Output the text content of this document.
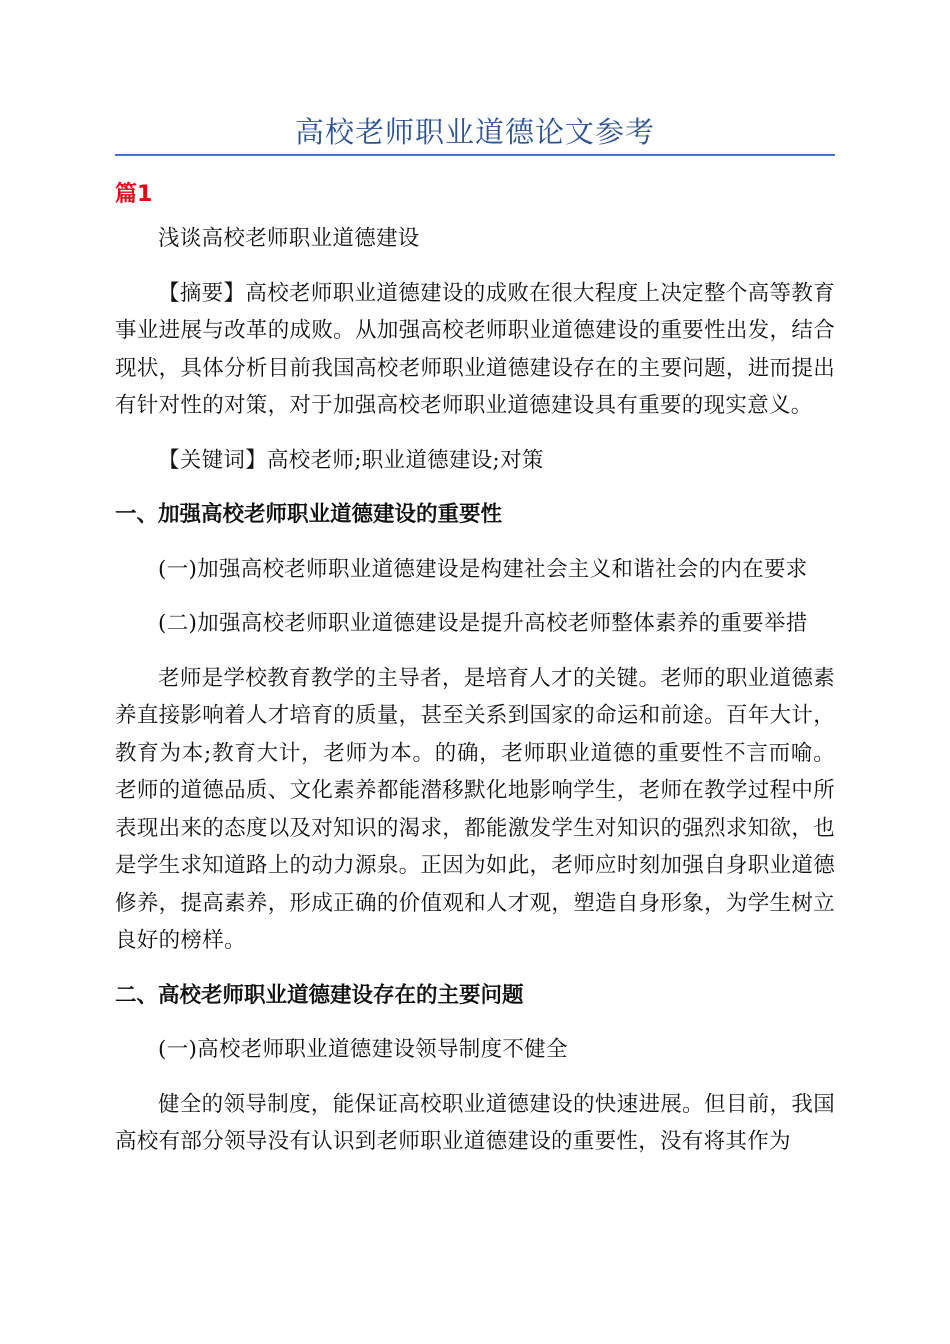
高校老师职业道德论文参考
篇1

浅谈高校老师职业道德建设

【摘要】高校老师职业道德建设的成败在很大程度上决定整个高等教育事业进展与改革的成败。从加强高校老师职业道德建设的重要性出发，结合现状，具体分析目前我国高校老师职业道德建设存在的主要问题，进而提出有针对性的对策，对于加强高校老师职业道德建设具有重要的现实意义。

【关键词】高校老师;职业道德建设;对策

一、加强高校老师职业道德建设的重要性

(一)加强高校老师职业道德建设是构建社会主义和谐社会的内在要求

(二)加强高校老师职业道德建设是提升高校老师整体素养的重要举措

老师是学校教育教学的主导者，是培育人才的关键。老师的职业道德素养直接影响着人才培育的质量，甚至关系到国家的命运和前途。百年大计，教育为本;教育大计，老师为本。的确，老师职业道德的重要性不言而喻。老师的道德品质、文化素养都能潜移默化地影响学生，老师在教学过程中所表现出来的态度以及对知识的渴求，都能激发学生对知识的强烈求知欲，也是学生求知道路上的动力源泉。正因为如此，老师应时刻加强自身职业道德修养，提高素养，形成正确的价值观和人才观，塑造自身形象，为学生树立良好的榜样。

二、高校老师职业道德建设存在的主要问题

(一)高校老师职业道德建设领导制度不健全

健全的领导制度，能保证高校职业道德建设的快速进展。但目前，我国高校有部分领导没有认识到老师职业道德建设的重要性，没有将其作为
